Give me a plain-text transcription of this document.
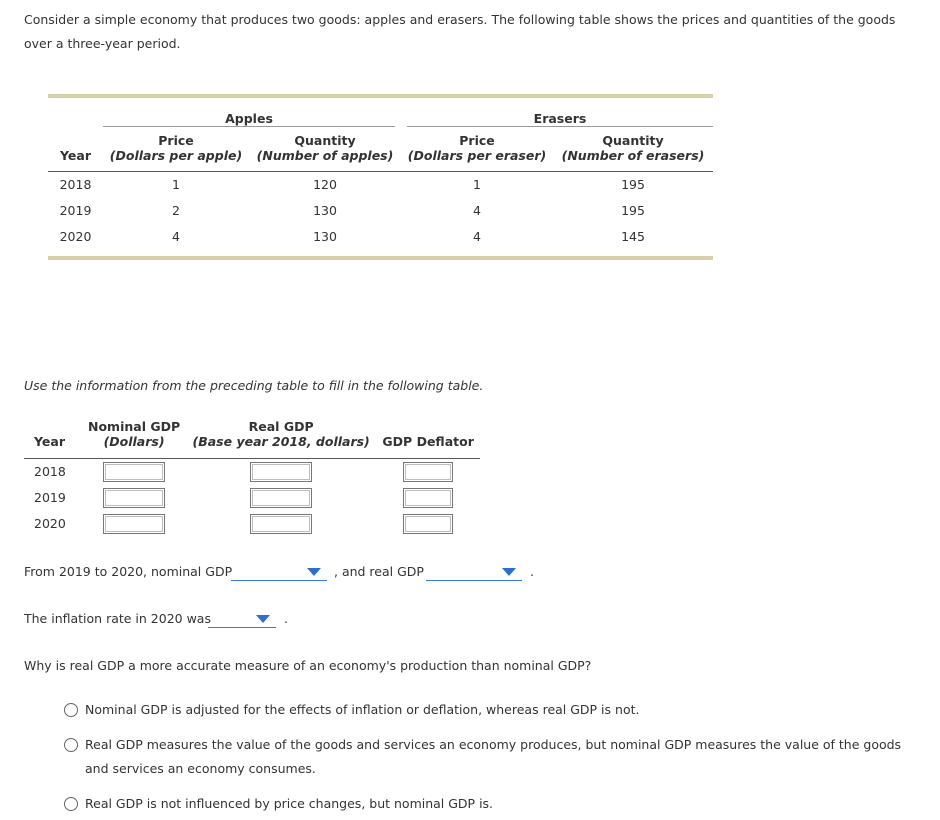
Consider a simple economy that produces two goods: apples and erasers. The following table shows the prices and quantities of the goods over a three-year period.
	Apples		Erasers	
	Price	Quantity	Price	Quantity
Year	(Dollars per apple)	(Number of apples)	(Dollars per eraser)	(Number of erasers)
2018	1	120	1	195
2019	2	130	4	195
2020	4	130	4	145
Use the information from the preceding table to fill in the following table.
	Nominal GDP	Real GDP	
Year	(Dollars)	(Base year 2018, dollars)	GDP Deflator
2018			
2019			
2020			
From 2019 to 2020, nominal GDP	, and real GDP	.
The inflation rate in 2020 was	.
Why is real GDP a more accurate measure of an economy's production than nominal GDP?
Nominal GDP is adjusted for the effects of inflation or deflation, whereas real GDP is not.
Real GDP measures the value of the goods and services an economy produces, but nominal GDP measures the value of the goods and services an economy consumes.
Real GDP is not influenced by price changes, but nominal GDP is.
